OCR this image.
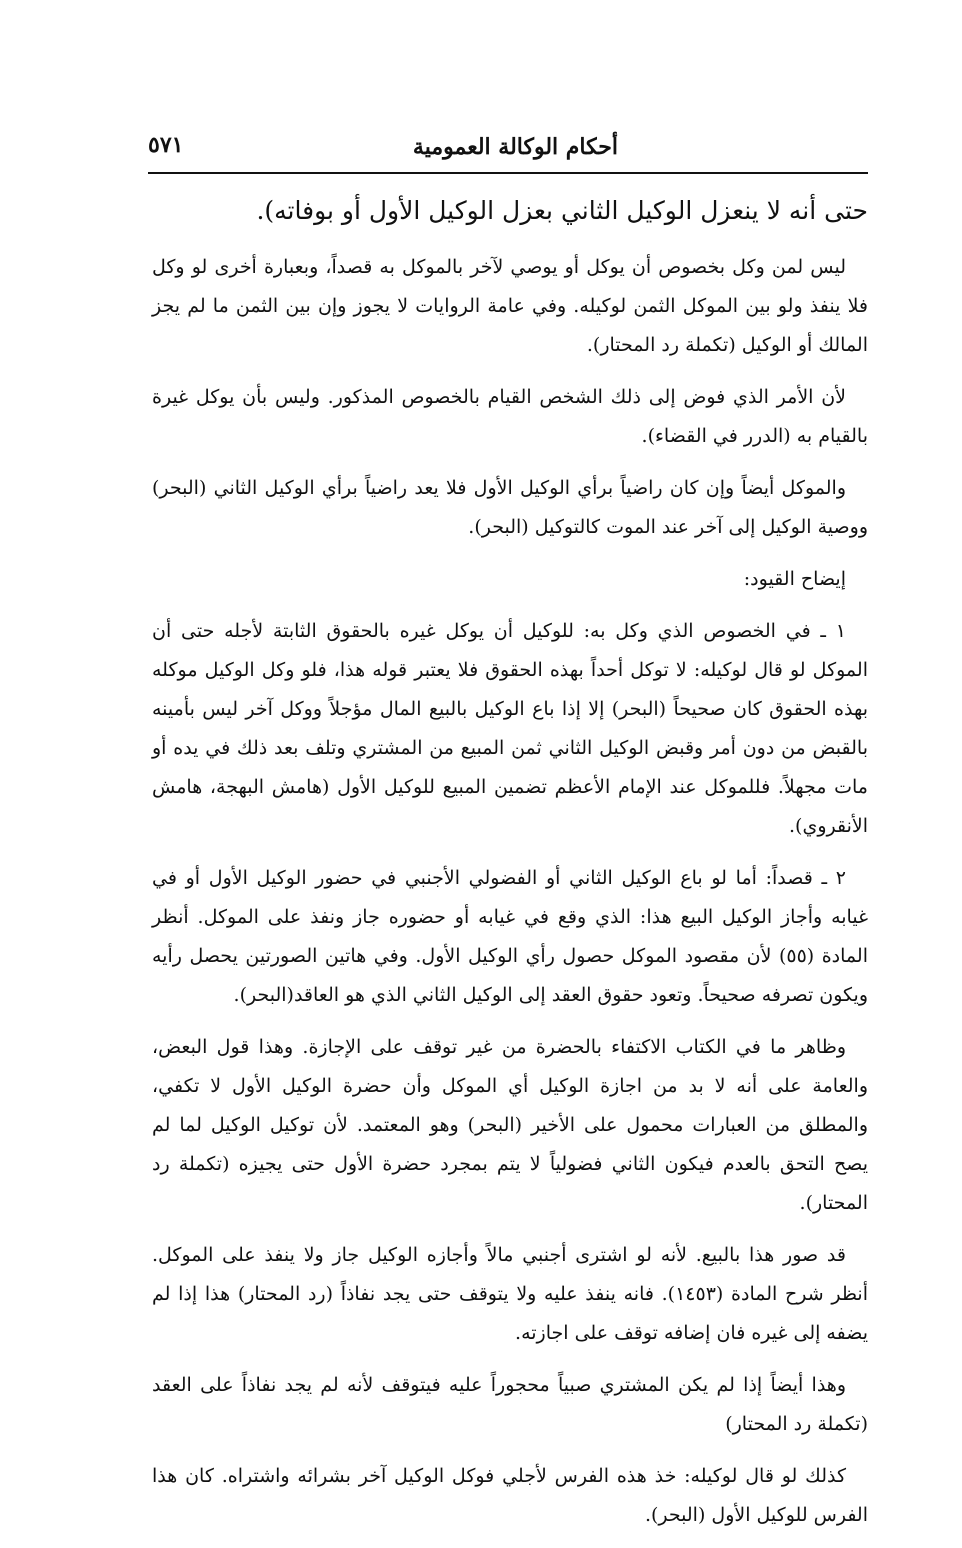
أحكام الوكالة العمومية
٥٧١

حتى أنه لا ينعزل الوكيل الثاني بعزل الوكيل الأول أو بوفاته).

ليس لمن وكل بخصوص أن يوكل أو يوصي لآخر بالموكل به قصداً، وبعبارة أخرى لو وكل فلا ينفذ ولو بين الموكل الثمن لوكيله. وفي عامة الروايات لا يجوز وإن بين الثمن ما لم يجز المالك أو الوكيل (تكملة رد المحتار).

لأن الأمر الذي فوض إلى ذلك الشخص القيام بالخصوص المذكور. وليس بأن يوكل غيرة بالقيام به (الدرر في القضاء).

والموكل أيضاً وإن كان راضياً برأي الوكيل الأول فلا يعد راضياً برأي الوكيل الثاني (البحر) ووصية الوكيل إلى آخر عند الموت كالتوكيل (البحر).

إيضاح القيود:

١ ـ في الخصوص الذي وكل به: للوكيل أن يوكل غيره بالحقوق الثابتة لأجله حتى أن الموكل لو قال لوكيله: لا توكل أحداً بهذه الحقوق فلا يعتبر قوله هذا، فلو وكل الوكيل موكله بهذه الحقوق كان صحيحاً (البحر) إلا إذا باع الوكيل بالبيع المال مؤجلاً ووكل آخر ليس بأمينه بالقبض من دون أمر وقبض الوكيل الثاني ثمن المبيع من المشتري وتلف بعد ذلك في يده أو مات مجهلاً. فللموكل عند الإمام الأعظم تضمين المبيع للوكيل الأول (هامش البهجة، هامش الأنقروي).

٢ ـ قصداً: أما لو باع الوكيل الثاني أو الفضولي الأجنبي في حضور الوكيل الأول أو في غيابه وأجاز الوكيل البيع هذا: الذي وقع في غيابه أو حضوره جاز ونفذ على الموكل. أنظر المادة (٥٥) لأن مقصود الموكل حصول رأي الوكيل الأول. وفي هاتين الصورتين يحصل رأيه ويكون تصرفه صحيحاً. وتعود حقوق العقد إلى الوكيل الثاني الذي هو العاقد(البحر).

وظاهر ما في الكتاب الاكتفاء بالحضرة من غير توقف على الإجازة. وهذا قول البعض، والعامة على أنه لا بد من اجازة الوكيل أي الموكل وأن حضرة الوكيل الأول لا تكفي، والمطلق من العبارات محمول على الأخير (البحر) وهو المعتمد. لأن توكيل الوكيل لما لم يصح التحق بالعدم فيكون الثاني فضولياً لا يتم بمجرد حضرة الأول حتى يجيزه (تكملة رد المحتار).

قد صور هذا بالبيع. لأنه لو اشترى أجنبي مالاً وأجازه الوكيل جاز ولا ينفذ على الموكل. أنظر شرح المادة (١٤٥٣). فانه ينفذ عليه ولا يتوقف حتى يجد نفاذاً (رد المحتار) هذا إذا لم يضفه إلى غيره فان إضافه توقف على اجازته.

وهذا أيضاً إذا لم يكن المشتري صبياً محجوراً عليه فيتوقف لأنه لم يجد نفاذاً على العقد (تكملة رد المحتار)

كذلك لو قال لوكيله: خذ هذه الفرس لأجلي فوكل الوكيل آخر بشرائه واشتراه. كان هذا الفرس للوكيل الأول (البحر).
